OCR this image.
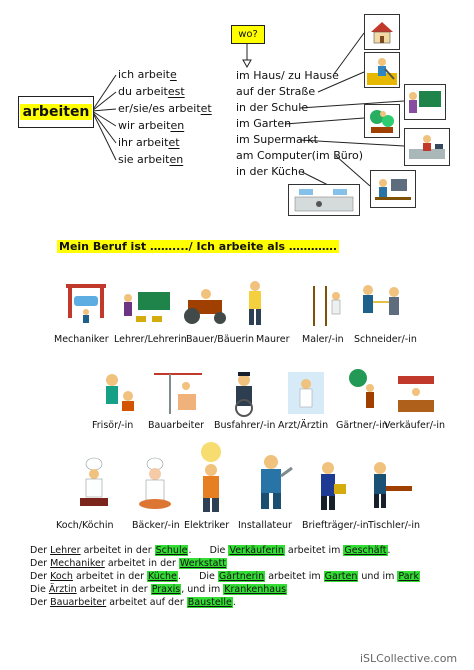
arbeiten
ich arbeite
du arbeitest
er/sie/es arbeitet
wir arbeiten
ihr arbeitet
sie arbeiten
wo?
im Haus/ zu Hause
auf der Straße
in der Schule
im Garten
im Supermarkt
am Computer(im Büro)
in der Küche
Mein Beruf ist ……..../ Ich arbeite als ………….
Mechaniker Lehrer/Lehrerin Bauer/Bäuerin Maurer Maler/-in Schneider/-in
Frisör/-in Bauarbeiter Busfahrer/-in Arzt/Ärztin Gärtner/-in
Verkäufer/-in
Koch/Köchin Bäcker/-in Elektriker Installateur Briefträger/-in Tischler/-in
Der Lehrer arbeitet in der Schule. Die Verkäuferin arbeitet im Geschäft.
Der Mechaniker arbeitet in der Werkstatt
Der Koch arbeitet in der Küche. Die Gärtnerin arbeitet im Garten und im Park
Die Ärztin arbeitet in der Praxis, und im Krankenhaus
Der Bauarbeiter arbeitet auf der Baustelle.
iSLCollective.com
